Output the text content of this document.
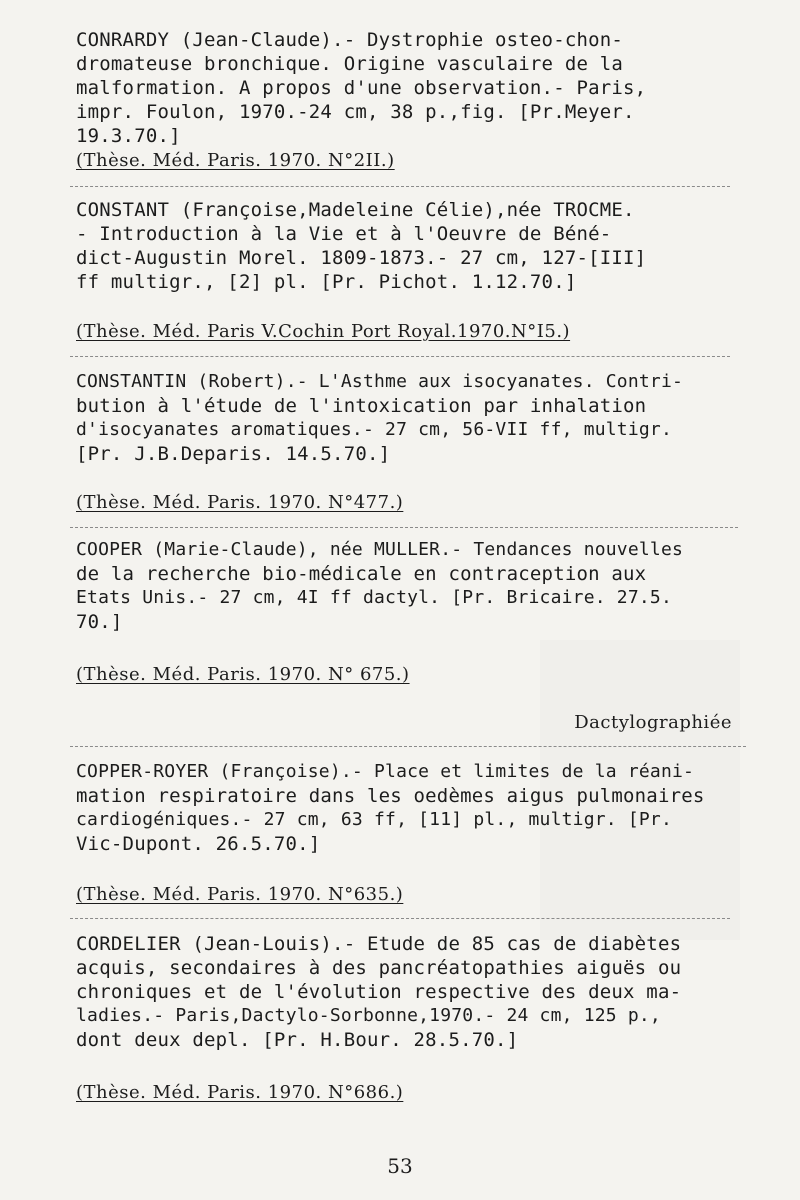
CONRARDY (Jean-Claude).- Dystrophie osteo-chon-

dromateuse bronchique. Origine vasculaire de la

malformation. A propos d'une observation.- Paris,

impr. Foulon, 1970.-24 cm, 38 p.,fig. [Pr.Meyer.

19.3.70.]

(Thèse. Méd. Paris. 1970. N°2II.)

CONSTANT (Françoise,Madeleine Célie),née TROCME.

- Introduction à la Vie et à l'Oeuvre de Béné-

dict-Augustin Morel. 1809-1873.- 27 cm, 127-[III]

ff multigr., [2] pl. [Pr. Pichot. 1.12.70.]

(Thèse. Méd. Paris V.Cochin Port Royal.1970.N°I5.)

CONSTANTIN (Robert).- L'Asthme aux isocyanates. Contri-

bution à l'étude de l'intoxication par inhalation

d'isocyanates aromatiques.- 27 cm, 56-VII ff, multigr.

[Pr. J.B.Deparis. 14.5.70.]

(Thèse. Méd. Paris. 1970. N°477.)

COOPER (Marie-Claude), née MULLER.- Tendances nouvelles

de la recherche bio-médicale en contraception aux

Etats Unis.- 27 cm, 4I ff dactyl. [Pr. Bricaire. 27.5.

70.]

(Thèse. Méd. Paris. 1970. N° 675.)
Dactylographiée

COPPER-ROYER (Françoise).- Place et limites de la réani-

mation respiratoire dans les oedèmes aigus pulmonaires

cardiogéniques.- 27 cm, 63 ff, [11] pl., multigr. [Pr.

Vic-Dupont. 26.5.70.]

(Thèse. Méd. Paris. 1970. N°635.)

CORDELIER (Jean-Louis).- Etude de 85 cas de diabètes

acquis, secondaires à des pancréatopathies aiguës ou

chroniques et de l'évolution respective des deux ma-

ladies.- Paris,Dactylo-Sorbonne,1970.- 24 cm, 125 p.,

dont deux depl. [Pr. H.Bour. 28.5.70.]

(Thèse. Méd. Paris. 1970. N°686.)
53
